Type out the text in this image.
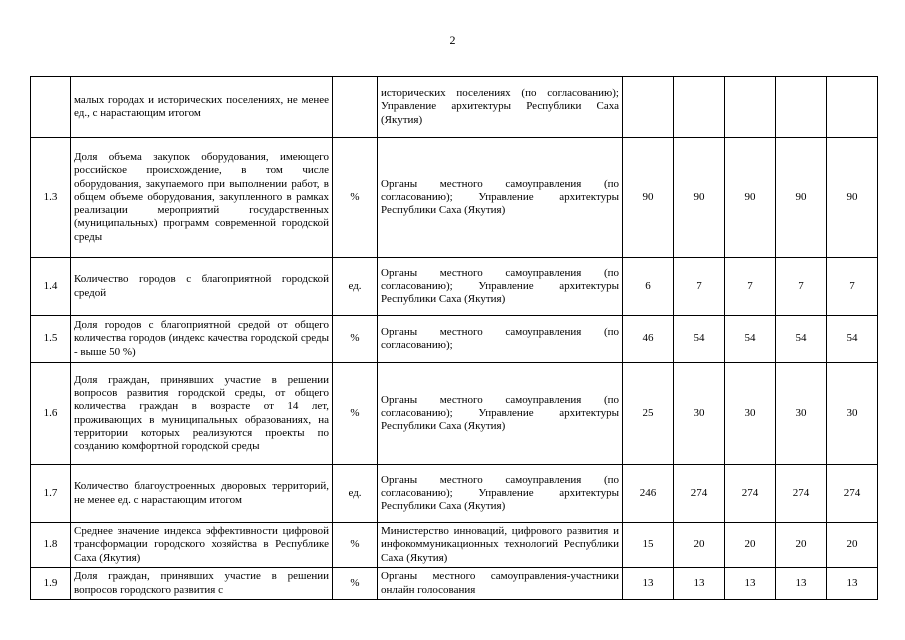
2
	малых городах и исторических поселениях, не менее ед., с нарастающим итогом		исторических поселениях (по согласованию); Управление архитектуры Республики Саха (Якутия)					
1.3	Доля объема закупок оборудования, имеющего российское происхождение, в том числе оборудования, закупаемого при выполнении работ, в общем объеме оборудования, закупленного в рамках реализации мероприятий государственных (муниципальных) программ современной городской среды	%	Органы местного самоуправления (по согласованию); Управление архитектуры Республики Саха (Якутия)	90	90	90	90	90
1.4	Количество городов с благоприятной городской средой	ед.	Органы местного самоуправления (по согласованию); Управление архитектуры Республики Саха (Якутия)	6	7	7	7	7
1.5	Доля городов с благоприятной средой от общего количества городов (индекс качества городской среды - выше 50 %)	%	Органы местного самоуправления (по согласованию);	46	54	54	54	54
1.6	Доля граждан, принявших участие в решении вопросов развития городской среды, от общего количества граждан в возрасте от 14 лет, проживающих в муниципальных образованиях, на территории которых реализуются проекты по созданию комфортной городской среды	%	Органы местного самоуправления (по согласованию); Управление архитектуры Республики Саха (Якутия)	25	30	30	30	30
1.7	Количество благоустроенных дворовых территорий, не менее ед. с нарастающим итогом	ед.	Органы местного самоуправления (по согласованию); Управление архитектуры Республики Саха (Якутия)	246	274	274	274	274
1.8	Среднее значение индекса эффективности цифровой трансформации городского хозяйства в Республике Саха (Якутия)	%	Министерство инноваций, цифрового развития и инфокоммуникационных технологий Республики Саха (Якутия)	15	20	20	20	20
1.9	Доля граждан, принявших участие в решении вопросов городского развития с	%	Органы местного самоуправления-участники онлайн голосования	13	13	13	13	13
